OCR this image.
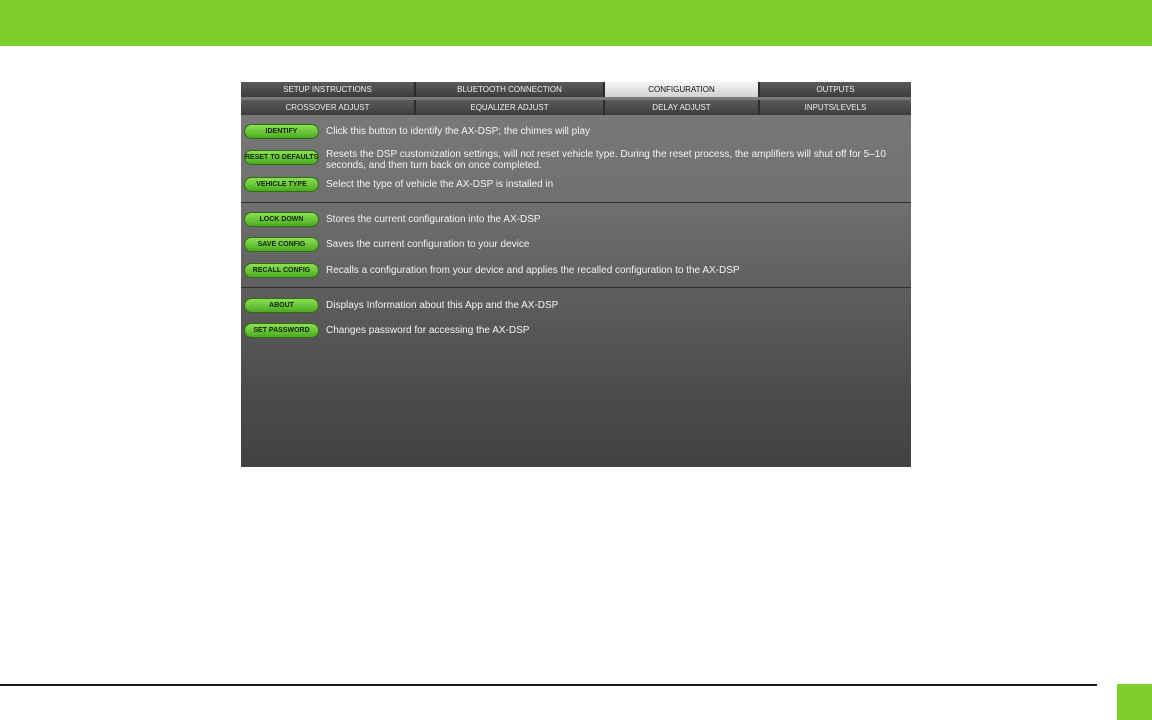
SETUP INSTRUCTIONS	BLUETOOTH CONNECTION	CONFIGURATION	OUTPUTS
CROSSOVER ADJUST	EQUALIZER ADJUST	DELAY ADJUST	INPUTS/LEVELS
IDENTIFY	Click this button to identify the AX-DSP; the chimes will play
RESET TO DEFAULTS Resets the DSP customization settings, will not reset vehicle type. During the reset process, the amplifiers will shut off for 5–10 seconds, and then turn back on once completed.
VEHICLE TYPE	Select the type of vehicle the AX-DSP is installed in
LOCK DOWN	Stores the current configuration into the AX-DSP
SAVE CONFIG	Saves the current configuration to your device
RECALL CONFIG	Recalls a configuration from your device and applies the recalled configuration to the AX-DSP
ABOUT	Displays Information about this App and the AX-DSP
SET PASSWORD	Changes password for accessing the AX-DSP
